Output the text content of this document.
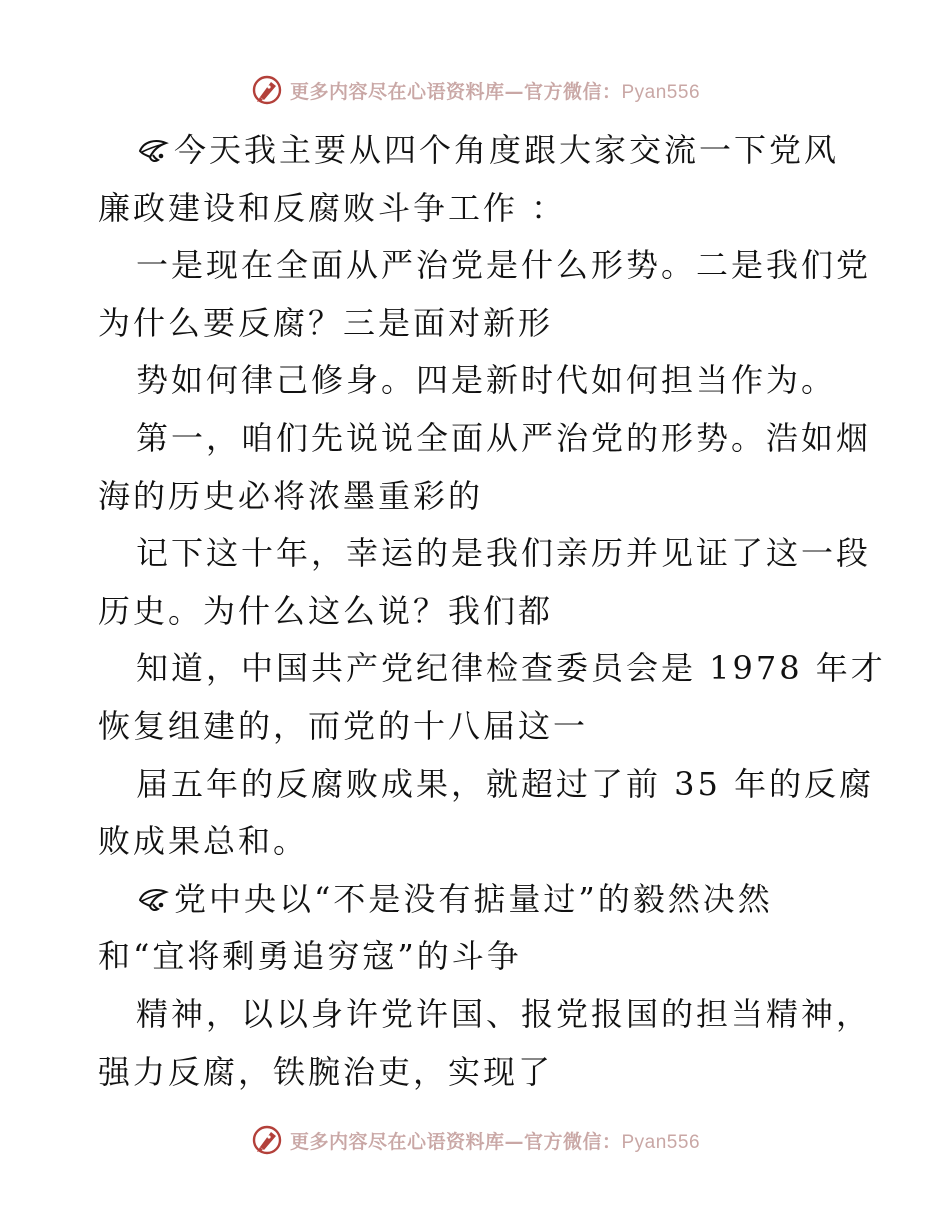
更多内容尽在心语资料库—官方微信：Pyan556
今天我主要从四个角度跟大家交流一下党风
廉政建设和反腐败斗争工作 ：
一是现在全面从严治党是什么形势。二是我们党
为什么要反腐？三是面对新形
势如何律己修身。四是新时代如何担当作为。
第一，咱们先说说全面从严治党的形势。浩如烟
海的历史必将浓墨重彩的
记下这十年，幸运的是我们亲历并见证了这一段
历史。为什么这么说？我们都
知道，中国共产党纪律检查委员会是 1978 年才
恢复组建的，而党的十八届这一
届五年的反腐败成果，就超过了前 35 年的反腐
败成果总和。
党中央以“不是没有掂量过”的毅然决然
和“宜将剩勇追穷寇”的斗争
精神，以以身许党许国、报党报国的担当精神，
强力反腐，铁腕治吏，实现了
更多内容尽在心语资料库—官方微信：Pyan556
